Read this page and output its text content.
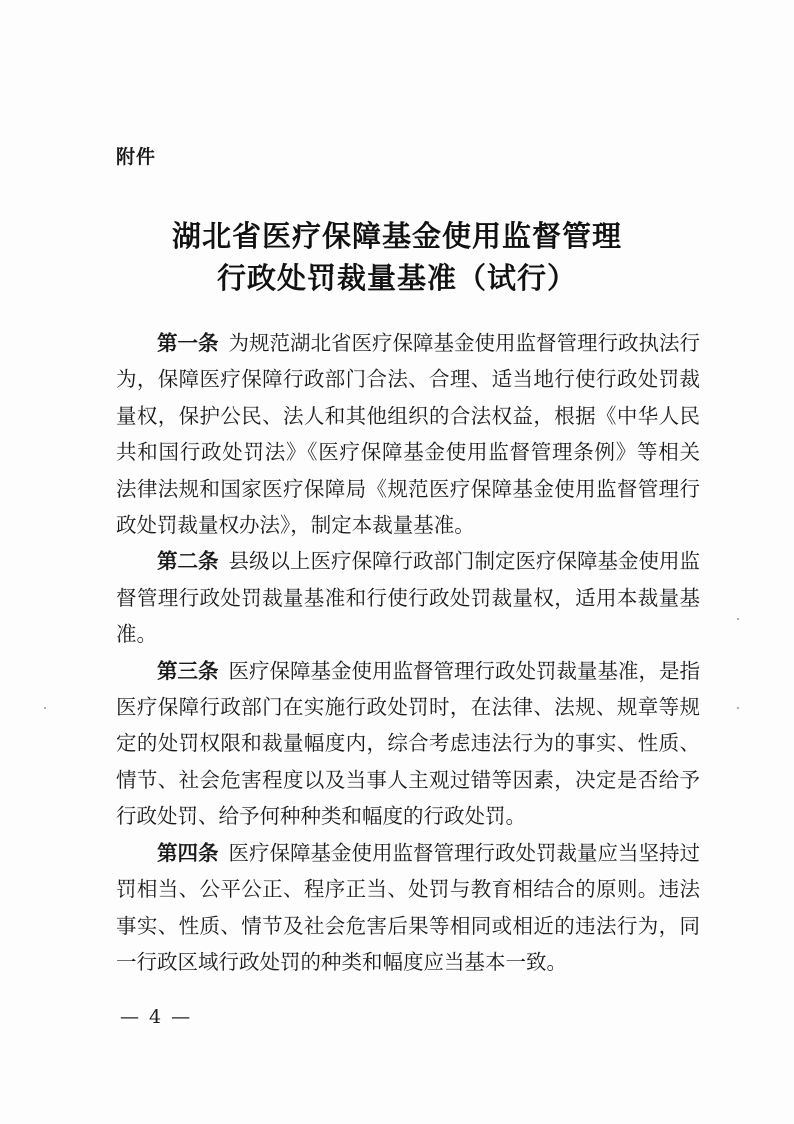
附件
湖北省医疗保障基金使用监督管理
行政处罚裁量基准（试行）

第一条 为规范湖北省医疗保障基金使用监督管理行政执法行为，保障医疗保障行政部门合法、合理、适当地行使行政处罚裁量权，保护公民、法人和其他组织的合法权益，根据《中华人民共和国行政处罚法》《医疗保障基金使用监督管理条例》等相关法律法规和国家医疗保障局《规范医疗保障基金使用监督管理行政处罚裁量权办法》，制定本裁量基准。

第二条 县级以上医疗保障行政部门制定医疗保障基金使用监督管理行政处罚裁量基准和行使行政处罚裁量权，适用本裁量基准。

第三条 医疗保障基金使用监督管理行政处罚裁量基准，是指医疗保障行政部门在实施行政处罚时，在法律、法规、规章等规定的处罚权限和裁量幅度内，综合考虑违法行为的事实、性质、情节、社会危害程度以及当事人主观过错等因素，决定是否给予行政处罚、给予何种种类和幅度的行政处罚。

第四条 医疗保障基金使用监督管理行政处罚裁量应当坚持过罚相当、公平公正、程序正当、处罚与教育相结合的原则。违法事实、性质、情节及社会危害后果等相同或相近的违法行为，同一行政区域行政处罚的种类和幅度应当基本一致。

— 4 —
